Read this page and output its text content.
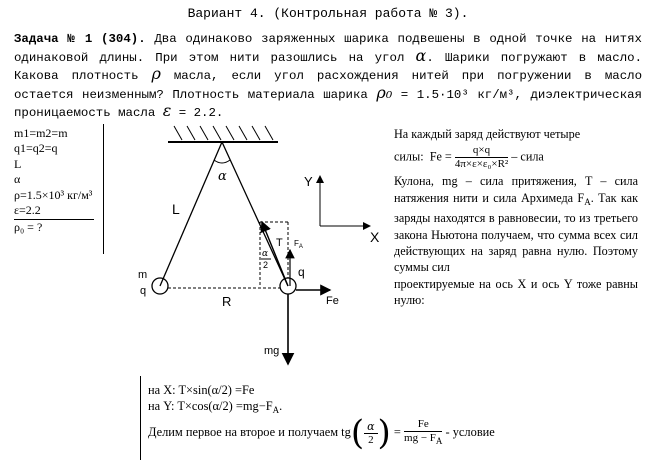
Вариант 4. (Контрольная работа № 3).
Задача № 1 (304). Два одинаково заряженных шарика подвешены в одной точке на нитях одинаковой длины. При этом нити разошлись на угол α. Шарики погружают в масло. Какова плотность ρ масла, если угол расхождения нитей при погружении в масло остается неизменным? Плотность материала шарика ρ₀ = 1.5·10³ кг/м³, диэлектрическая проницаемость масла ε = 2.2.
m1=m2=m
q1=q2=q
L
α
ρ=1.5×10³ кг/м³
ε=2.2
ρ₀ = ?
α
L
m
q
q
R
α
2
T $F_A$
Fe
mg
Y
X
На каждый заряд действуют четыре
силы: $Fe = \frac{q\times q}{\text{4π×ε×ε₀×R²}}$ – сила
Кулона, mg – сила притяжения, T – сила натяжения нити и сила Архимеда $F_A$. Так как заряды находятся в равновесии, то из третьего закона Ньютона получаем, что сумма всех сил действующих на заряд равна нулю. Поэтому суммы сил
проектируемые на ось X и ось Y тоже равны нулю:
на X: T×sin(α/2) =Fe
на Y: $T\times\cos(\alpha/2) =mg-F_A$.
Делим первое на второе и получаем $tg( \frac{\alpha}{2}$ ) = $\frac{Fe}{mg - F_A}$ - условие
